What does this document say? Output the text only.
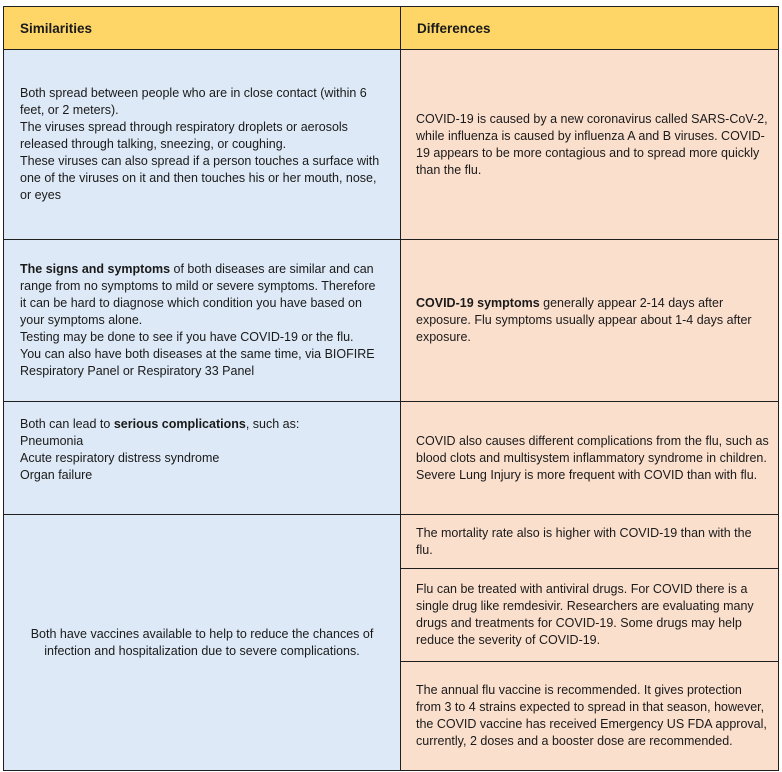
Similarities	Differences

Both spread between people who are in close contact (within 6 feet, or 2 meters).
The viruses spread through respiratory droplets or aerosols released through talking, sneezing, or coughing.
These viruses can also spread if a person touches a surface with one of the viruses on it and then touches his or her mouth, nose, or eyes	COVID-19 is caused by a new coronavirus called SARS-CoV-2, while influenza is caused by influenza A and B viruses. COVID-19 appears to be more contagious and to spread more quickly than the flu.

The signs and symptoms of both diseases are similar and can range from no symptoms to mild or severe symptoms. Therefore it can be hard to diagnose which condition you have based on your symptoms alone.
Testing may be done to see if you have COVID-19 or the flu.
You can also have both diseases at the same time, via BIOFIRE Respiratory Panel or Respiratory 33 Panel	COVID-19 symptoms generally appear 2-14 days after exposure. Flu symptoms usually appear about 1-4 days after exposure.

Both can lead to serious complications, such as:
Pneumonia
Acute respiratory distress syndrome
Organ failure	COVID also causes different complications from the flu, such as blood clots and multisystem inflammatory syndrome in children. Severe Lung Injury is more frequent with COVID than with flu.
Both have vaccines available to help to reduce the chances of infection and hospitalization due to severe complications.	The mortality rate also is higher with COVID-19 than with the flu.
	Flu can be treated with antiviral drugs. For COVID there is a single drug like remdesivir. Researchers are evaluating many drugs and treatments for COVID-19. Some drugs may help reduce the severity of COVID-19.
	The annual flu vaccine is recommended. It gives protection from 3 to 4 strains expected to spread in that season, however, the COVID vaccine has received Emergency US FDA approval, currently, 2 doses and a booster dose are recommended.
